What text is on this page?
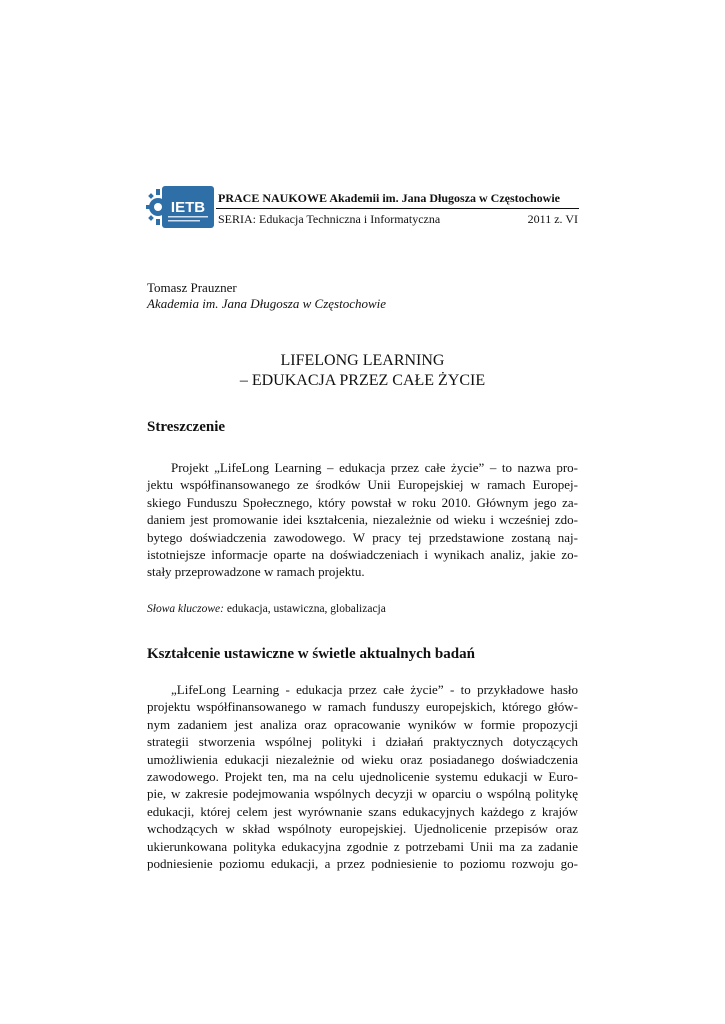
IETB
PRACE NAUKOWE Akademii im. Jana Długosza w Częstochowie
SERIA: Edukacja Techniczna i Informatyczna	2011 z. VI
Tomasz Prauzner
Akademia im. Jana Długosza w Częstochowie
LIFELONG LEARNING
– EDUKACJA PRZEZ CAŁE ŻYCIE
Streszczenie
Projekt „LifeLong Learning – edukacja przez całe życie” – to nazwa pro-
jektu współfinansowanego ze środków Unii Europejskiej w ramach Europej-
skiego Funduszu Społecznego, który powstał w roku 2010. Głównym jego za-
daniem jest promowanie idei kształcenia, niezależnie od wieku i wcześniej zdo-
bytego doświadczenia zawodowego. W pracy tej przedstawione zostaną naj-
istotniejsze informacje oparte na doświadczeniach i wynikach analiz, jakie zo-
stały przeprowadzone w ramach projektu.
Słowa kluczowe: edukacja, ustawiczna, globalizacja
Kształcenie ustawiczne w świetle aktualnych badań
„LifeLong Learning - edukacja przez całe życie” - to przykładowe hasło
projektu współfinansowanego w ramach funduszy europejskich, którego głów-
nym zadaniem jest analiza oraz opracowanie wyników w formie propozycji
strategii stworzenia wspólnej polityki i działań praktycznych dotyczących
umożliwienia edukacji niezależnie od wieku oraz posiadanego doświadczenia
zawodowego. Projekt ten, ma na celu ujednolicenie systemu edukacji w Euro-
pie, w zakresie podejmowania wspólnych decyzji w oparciu o wspólną politykę
edukacji, której celem jest wyrównanie szans edukacyjnych każdego z krajów
wchodzących w skład wspólnoty europejskiej. Ujednolicenie przepisów oraz
ukierunkowana polityka edukacyjna zgodnie z potrzebami Unii ma za zadanie
podniesienie poziomu edukacji, a przez podniesienie to poziomu rozwoju go-
